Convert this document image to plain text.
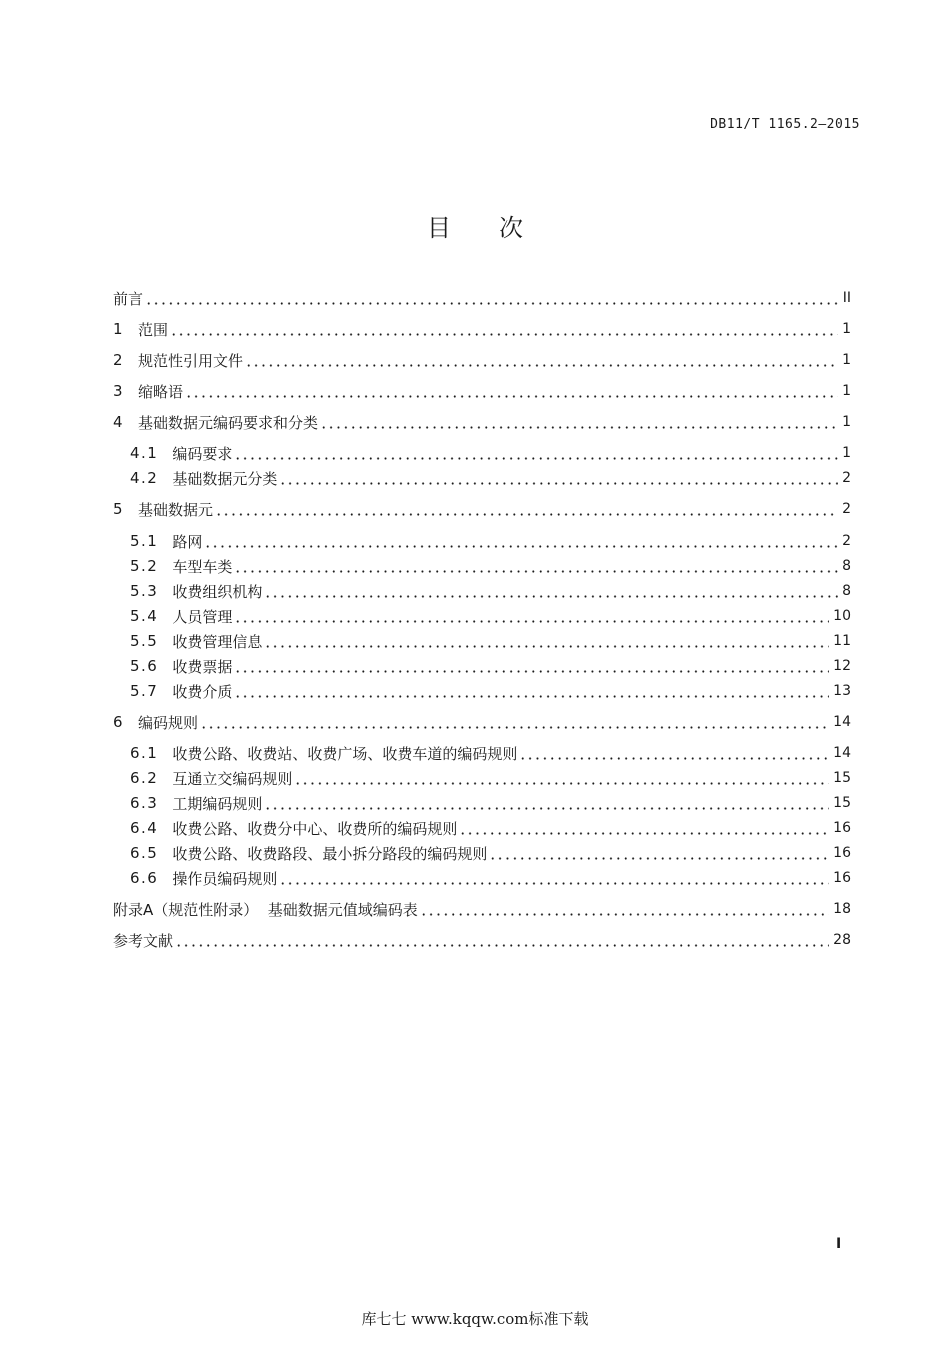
DB11/T 1165.2—2015
目次
前言	II
1 范围	1
2 规范性引用文件	1
3 缩略语	1
4 基础数据元编码要求和分类	1
4.1 编码要求	1
4.2 基础数据元分类	2
5 基础数据元	2
5.1 路网	2
5.2 车型车类	8
5.3 收费组织机构	8
5.4 人员管理	10
5.5 收费管理信息	11
5.6 收费票据	12
5.7 收费介质	13
6 编码规则	14
6.1 收费公路、收费站、收费广场、收费车道的编码规则	14
6.2 互通立交编码规则	15
6.3 工期编码规则	15
6.4 收费公路、收费分中心、收费所的编码规则	16
6.5 收费公路、收费路段、最小拆分路段的编码规则	16
6.6 操作员编码规则	16
附录A（规范性附录）  基础数据元值域编码表	18
参考文献	28
I
库七七 www.kqqw.com标准下载
